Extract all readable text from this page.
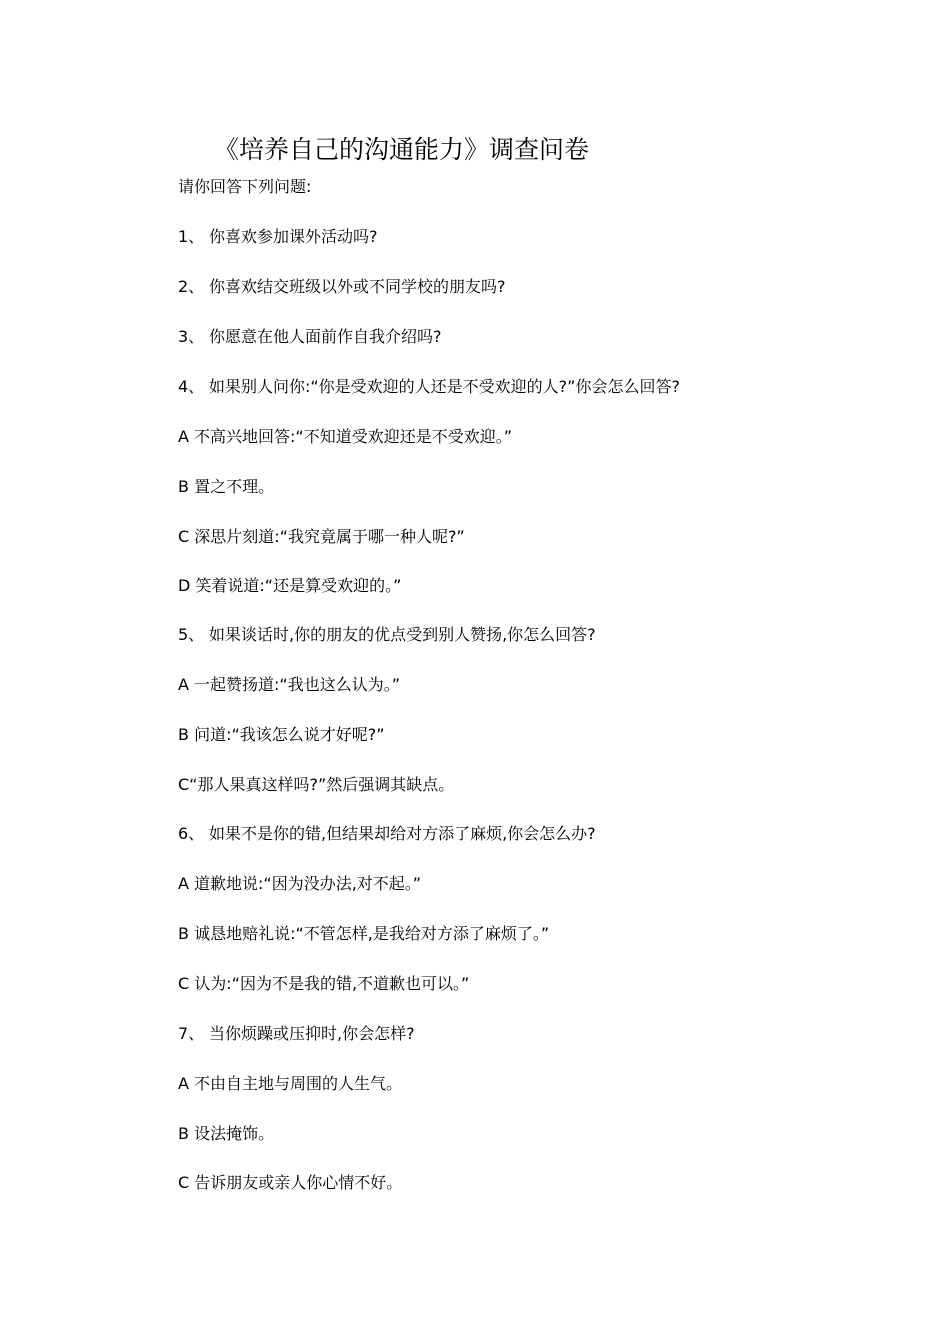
《培养自己的沟通能力》调查问卷
请你回答下列问题:
1、 你喜欢参加课外活动吗?
2、 你喜欢结交班级以外或不同学校的朋友吗?
3、 你愿意在他人面前作自我介绍吗?
4、 如果别人问你:“你是受欢迎的人还是不受欢迎的人?”你会怎么回答?
A 不高兴地回答:“不知道受欢迎还是不受欢迎。”
B 置之不理。
C 深思片刻道:“我究竟属于哪一种人呢?”
D 笑着说道:“还是算受欢迎的。”
5、 如果谈话时,你的朋友的优点受到别人赞扬,你怎么回答?
A 一起赞扬道:“我也这么认为。”
B 问道:“我该怎么说才好呢?”
C“那人果真这样吗?”然后强调其缺点。
6、 如果不是你的错,但结果却给对方添了麻烦,你会怎么办?
A 道歉地说:“因为没办法,对不起。”
B 诚恳地赔礼说:“不管怎样,是我给对方添了麻烦了。”
C 认为:“因为不是我的错,不道歉也可以。”
7、 当你烦躁或压抑时,你会怎样?
A 不由自主地与周围的人生气。
B 设法掩饰。
C 告诉朋友或亲人你心情不好。
